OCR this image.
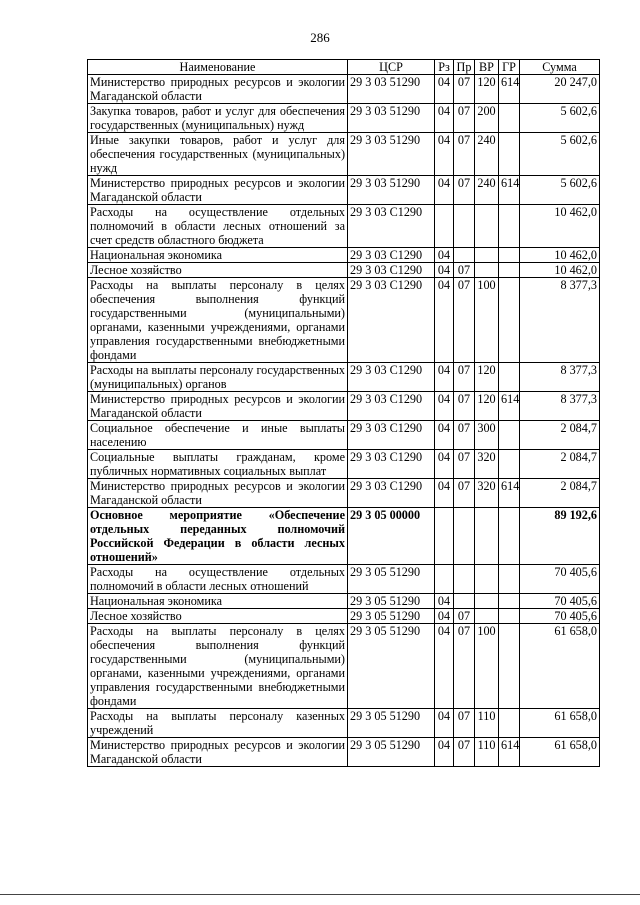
286
Наименование	ЦСР	Рз	Пр	ВР	ГР	Сумма
Министерство природных ресурсов и экологии Магаданской области	29 3 03 51290	04	07	120	614	20 247,0
Закупка товаров, работ и услуг для обеспечения государственных (муниципальных) нужд	29 3 03 51290	04	07	200		5 602,6
Иные закупки товаров, работ и услуг для обеспечения государственных (муниципальных) нужд	29 3 03 51290	04	07	240		5 602,6
Министерство природных ресурсов и экологии Магаданской области	29 3 03 51290	04	07	240	614	5 602,6
Расходы на осуществление отдельных полномочий в области лесных отношений за счет средств областного бюджета	29 3 03 С1290					10 462,0
Национальная экономика	29 3 03 С1290	04				10 462,0
Лесное хозяйство	29 3 03 С1290	04	07			10 462,0
Расходы на выплаты персоналу в целях обеспечения выполнения функций государственными (муниципальными) органами, казенными учреждениями, органами управления государственными внебюджетными фондами	29 3 03 С1290	04	07	100		8 377,3
Расходы на выплаты персоналу государственных (муниципальных) органов	29 3 03 С1290	04	07	120		8 377,3
Министерство природных ресурсов и экологии Магаданской области	29 3 03 С1290	04	07	120	614	8 377,3
Социальное обеспечение и иные выплаты населению	29 3 03 С1290	04	07	300		2 084,7
Социальные выплаты гражданам, кроме публичных нормативных социальных выплат	29 3 03 С1290	04	07	320		2 084,7
Министерство природных ресурсов и экологии Магаданской области	29 3 03 С1290	04	07	320	614	2 084,7
Основное мероприятие «Обеспечение отдельных переданных полномочий Российской Федерации в области лесных отношений»	29 3 05 00000					89 192,6
Расходы на осуществление отдельных полномочий в области лесных отношений	29 3 05 51290					70 405,6
Национальная экономика	29 3 05 51290	04				70 405,6
Лесное хозяйство	29 3 05 51290	04	07			70 405,6
Расходы на выплаты персоналу в целях обеспечения выполнения функций государственными (муниципальными) органами, казенными учреждениями, органами управления государственными внебюджетными фондами	29 3 05 51290	04	07	100		61 658,0
Расходы на выплаты персоналу казенных учреждений	29 3 05 51290	04	07	110		61 658,0
Министерство природных ресурсов и экологии Магаданской области	29 3 05 51290	04	07	110	614	61 658,0
